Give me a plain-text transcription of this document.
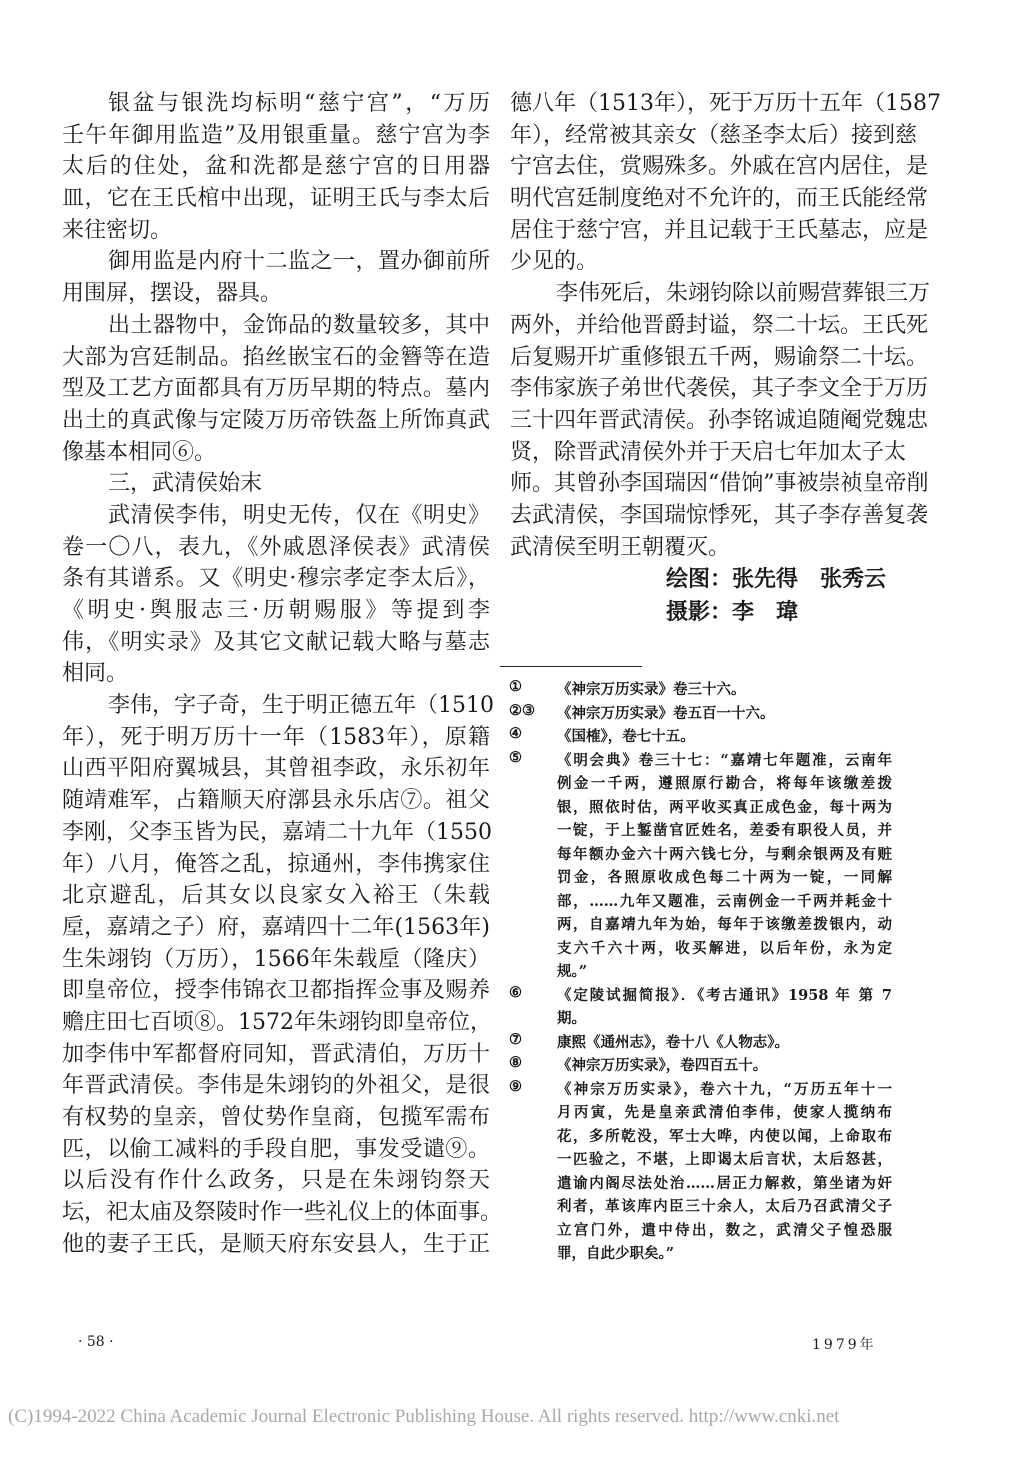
银盆与银洗均标明“慈宁宫”，“万历
壬午年御用监造”及用银重量。慈宁宫为李
太后的住处，盆和洗都是慈宁宫的日用器
皿，它在王氏棺中出现，证明王氏与李太后
来往密切。
御用监是内府十二监之一，置办御前所
用围屏，摆设，器具。
出土器物中，金饰品的数量较多，其中
大部为宫廷制品。掐丝嵌宝石的金簪等在造
型及工艺方面都具有万历早期的特点。墓内
出土的真武像与定陵万历帝铁盔上所饰真武
像基本相同⑥。
三，武清侯始末
武清侯李伟，明史无传，仅在《明史》
卷一〇八，表九，《外戚恩泽侯表》武清侯
条有其谱系。又《明史·穆宗孝定李太后》，
《明史·舆服志三·历朝赐服》等提到李
伟，《明实录》及其它文献记载大略与墓志
相同。
李伟，字子奇，生于明正德五年（1510
年），死于明万历十一年（1583年），原籍
山西平阳府翼城县，其曾祖李政，永乐初年
随靖难军，占籍顺天府漷县永乐店⑦。祖父
李刚，父李玉皆为民，嘉靖二十九年（1550
年）八月，俺答之乱，掠通州，李伟携家住
北京避乱，后其女以良家女入裕王（朱载
垕，嘉靖之子）府，嘉靖四十二年(1563年)
生朱翊钧（万历），1566年朱载垕（隆庆）
即皇帝位，授李伟锦衣卫都指挥佥事及赐养
赡庄田七百顷⑧。1572年朱翊钧即皇帝位，
加李伟中军都督府同知，晋武清伯，万历十
年晋武清侯。李伟是朱翊钧的外祖父，是很
有权势的皇亲，曾仗势作皇商，包揽军需布
匹，以偷工减料的手段自肥，事发受谴⑨。
以后没有作什么政务，只是在朱翊钧祭天
坛，祀太庙及祭陵时作一些礼仪上的体面事。
他的妻子王氏，是顺天府东安县人，生于正
德八年（1513年），死于万历十五年（1587
年），经常被其亲女（慈圣李太后）接到慈
宁宫去住，赏赐殊多。外戚在宫内居住，是
明代宫廷制度绝对不允许的，而王氏能经常
居住于慈宁宫，并且记载于王氏墓志，应是
少见的。
李伟死后，朱翊钧除以前赐营葬银三万
两外，并给他晋爵封谥，祭二十坛。王氏死
后复赐开圹重修银五千两，赐谕祭二十坛。
李伟家族子弟世代袭侯，其子李文全于万历
三十四年晋武清侯。孙李铭诚追随阉党魏忠
贤，除晋武清侯外并于天启七年加太子太
师。其曾孙李国瑞因“借饷”事被崇祯皇帝削
去武清侯，李国瑞惊悸死，其子李存善复袭
武清侯至明王朝覆灭。
绘图：张先得　张秀云
摄影：李　瑋
①	《神宗万历实录》卷三十六。
②③	《神宗万历实录》卷五百一十六。
④	《国榷》，卷七十五。
⑤	《明会典》卷三十七：“嘉靖七年题准，云南年
例金一千两，遵照原行勘合，将每年该缴差拨
银，照依时估，两平收买真正成色金，每十两为
一锭，于上錾凿官匠姓名，差委有职役人员，并
每年额办金六十两六钱七分，与剩余银两及有赃
罚金，各照原收成色每二十两为一锭，一同解
部，……九年又题准，云南例金一千两并耗金十
两，自嘉靖九年为始，每年于该缴差拨银内，动
支六千六十两，收买解进，以后年份，永为定
规。”
⑥	《定陵试掘简报》．《考古通讯》1958 年 第 7
期。
⑦	康熙《通州志》，卷十八《人物志》。
⑧	《神宗万历实录》，卷四百五十。
⑨	《神宗万历实录》，卷六十九，“万历五年十一
月丙寅，先是皇亲武清伯李伟，使家人揽纳布
花，多所乾没，军士大哗，内使以闻，上命取布
一匹验之，不堪，上即谒太后言状，太后怒甚，
遣谕内阁尽法处治……居正力解救，第坐诸为奸
利者，革该库内臣三十余人，太后乃召武清父子
立宫门外，遣中侍出，数之，武清父子惶恐服
罪，自此少职矣。”
· 58 ·	1979年
(C)1994-2022 China Academic Journal Electronic Publishing House. All rights reserved. http://www.cnki.net
